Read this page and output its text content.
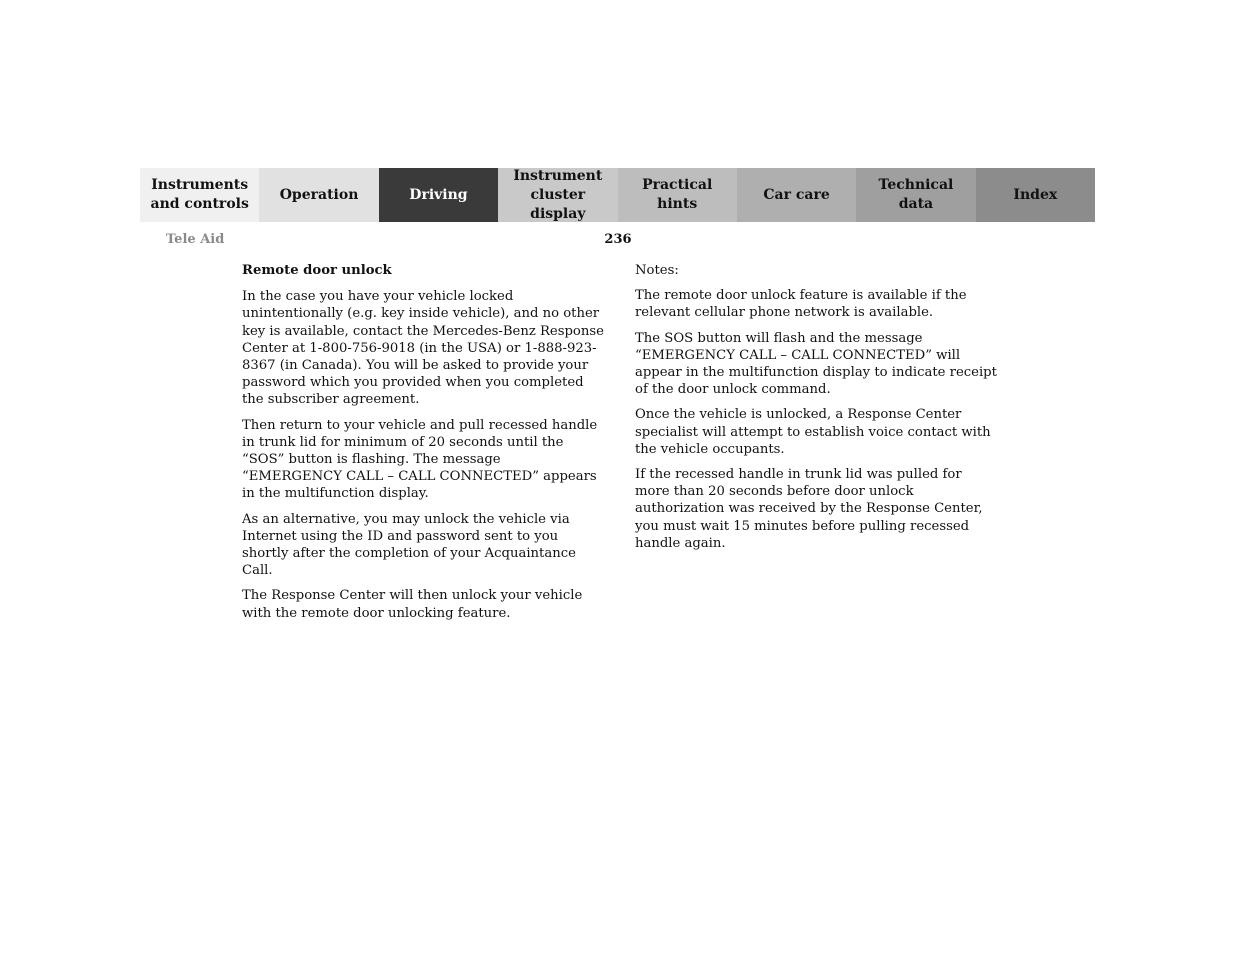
Instruments
and controls
Operation	Driving
Instrument
cluster display
Practical hints
Car care
Technical
data
Index
Tele Aid	236
Remote door unlock

In the case you have your vehicle locked unintentionally (e.g. key inside vehicle), and no other key is available, contact the Mercedes-Benz Response Center at 1-800-756-9018 (in the USA) or 1-888-923-8367 (in Canada). You will be asked to provide your password which you provided when you completed the subscriber agreement.

Then return to your vehicle and pull recessed handle in trunk lid for minimum of 20 seconds until the “SOS” button is flashing. The message “EMERGENCY CALL – CALL CONNECTED” appears in the multifunction display.

As an alternative, you may unlock the vehicle via Internet using the ID and password sent to you shortly after the completion of your Acquaintance Call.

The Response Center will then unlock your vehicle with the remote door unlocking feature.

Notes:

The remote door unlock feature is available if the relevant cellular phone network is available.

The SOS button will flash and the message “EMERGENCY CALL – CALL CONNECTED” will appear in the multifunction display to indicate receipt of the door unlock command.

Once the vehicle is unlocked, a Response Center specialist will attempt to establish voice contact with the vehicle occupants.

If the recessed handle in trunk lid was pulled for more than 20 seconds before door unlock authorization was received by the Response Center, you must wait 15 minutes before pulling recessed handle again.
